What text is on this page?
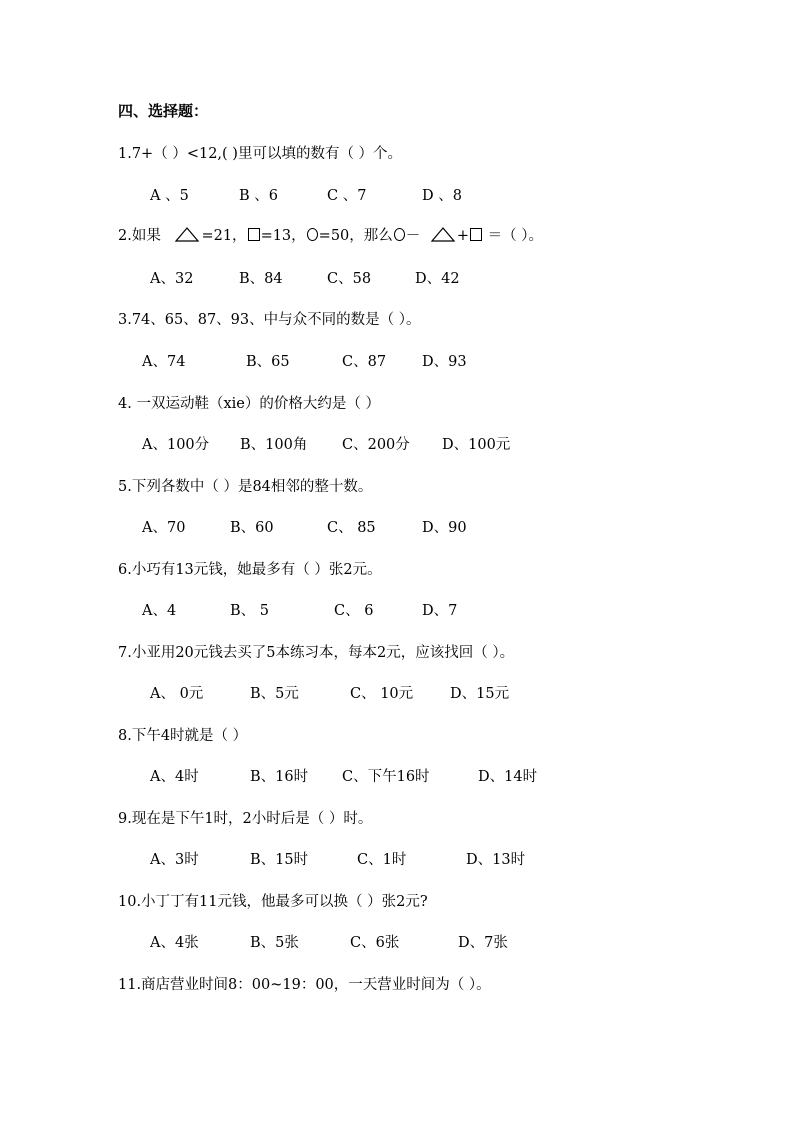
四、选择题：
1.7+（ ）<12,( )里可以填的数有（ ）个。
A 、5	B 、6	C 、7	D 、8
2.如果 =21， =13， =50，那么 － + ＝（ ）。
A、32	B、84	C、58	D、42
3.74、65、87、93、中与众不同的数是（ ）。
A、74	B、65	C、87 D、93
4. 一双运动鞋（xie）的价格大约是（ ）
A、100分 B、100角 C、200分 D、100元
5.下列各数中（ ）是84相邻的整十数。
A、70	B、60	C、 85	D、90
6.小巧有13元钱，她最多有（ ）张2元。
A、4	B、 5	C、 6	D、7
7.小亚用20元钱去买了5本练习本，每本2元，应该找回（ ）。
A、 0元	B、5元	C、 10元	D、15元
8.下午4时就是（ ）
A、4时	B、16时 C、下午16时	D、14时
9.现在是下午1时，2小时后是（ ）时。
A、3时	B、15时	C、1时	D、13时
10.小丁丁有11元钱，他最多可以换（ ）张2元?
A、4张	B、5张	C、6张	D、7张
11.商店营业时间8：00~19：00，一天营业时间为（ ）。
